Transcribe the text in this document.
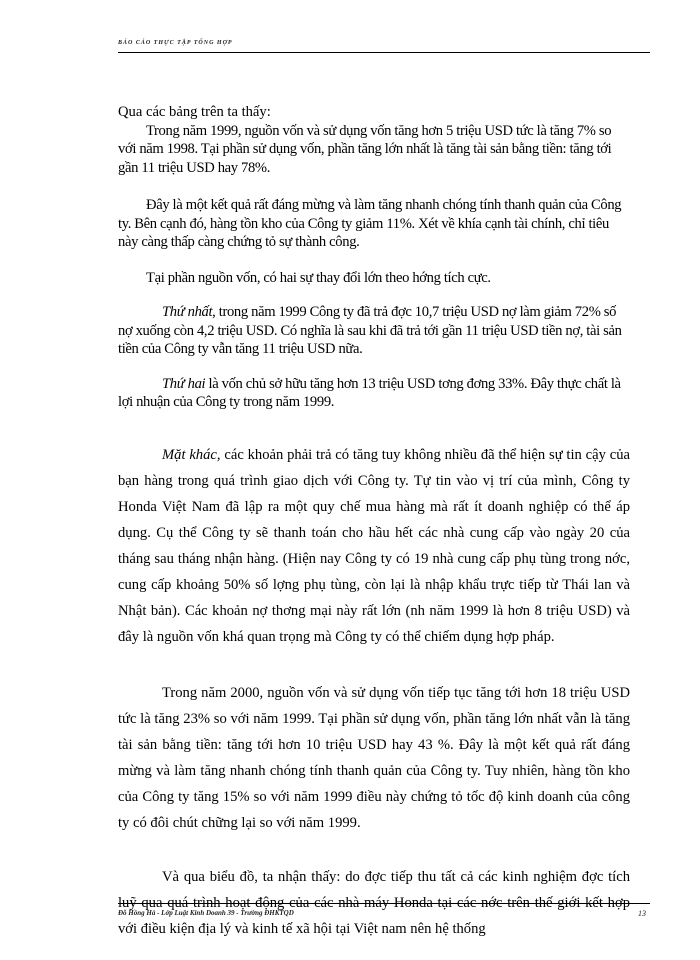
BÁO CÁO THỰC TẬP TỔNG HỢP

Qua các bảng trên ta thấy:

Trong năm 1999, nguồn vốn và sử dụng vốn tăng hơn 5 triệu USD tức là tăng 7% so với năm 1998. Tại phần sử dụng vốn, phần tăng lớn nhất là tăng tài sản bằng tiền: tăng tới gần 11 triệu USD hay 78%.

Đây là một kết quả rất đáng mừng và làm tăng nhanh chóng tính thanh quản của Công ty. Bên cạnh đó, hàng tồn kho của Công ty giảm 11%. Xét về khía cạnh tài chính, chỉ tiêu này càng thấp càng chứng tỏ sự thành công.

Tại phần nguồn vốn, có hai sự thay đổi lớn theo hớng tích cực.

Thứ nhất, trong năm 1999 Công ty đã trả đợc 10,7 triệu USD nợ làm giảm 72% số nợ xuống còn 4,2 triệu USD. Có nghĩa là sau khi đã trả tới gần 11 triệu USD tiền nợ, tài sản tiền của Công ty vẫn tăng 11 triệu USD nữa.

Thứ hai là vốn chủ sở hữu tăng hơn 13 triệu USD tơng đơng 33%. Đây thực chất là lợi nhuận của Công ty trong năm 1999.

Mặt khác, các khoản phải trả có tăng tuy không nhiều đã thể hiện sự tin cậy của bạn hàng trong quá trình giao dịch với Công ty. Tự tin vào vị trí của mình, Công ty Honda Việt Nam đã lập ra một quy chế mua hàng mà rất ít doanh nghiệp có thể áp dụng. Cụ thể Công ty sẽ thanh toán cho hầu hết các nhà cung cấp vào ngày 20 của tháng sau tháng nhận hàng. (Hiện nay Công ty có 19 nhà cung cấp phụ tùng trong nớc, cung cấp khoảng 50% số lợng phụ tùng, còn lại là nhập khẩu trực tiếp từ Thái lan và Nhật bản). Các khoản nợ thơng mại này rất lớn (nh năm 1999 là hơn 8 triệu USD) và đây là nguồn vốn khá quan trọng mà Công ty có thể chiếm dụng hợp pháp.

Trong năm 2000, nguồn vốn và sử dụng vốn tiếp tục tăng tới hơn 18 triệu USD tức là tăng 23% so với năm 1999. Tại phần sử dụng vốn, phần tăng lớn nhất vẫn là tăng tài sản bằng tiền: tăng tới hơn 10 triệu USD hay 43 %. Đây là một kết quả rất đáng mừng và làm tăng nhanh chóng tính thanh quản của Công ty. Tuy nhiên, hàng tồn kho của Công ty tăng 15% so với năm 1999 điều này chứng tỏ tốc độ kinh doanh của công ty có đôi chút chững lại so với năm 1999.

Và qua biểu đồ, ta nhận thấy: do đợc tiếp thu tất cả các kinh nghiệm đợc tích luỹ qua quá trình hoạt động của các nhà máy Honda tại các nớc trên thế giới kết hợp với điều kiện địa lý và kinh tế xã hội tại Việt nam nên hệ thống

Đỗ Hồng Hà - Lớp Luật Kinh Doanh 39 - Trường ĐHKTQD	13
